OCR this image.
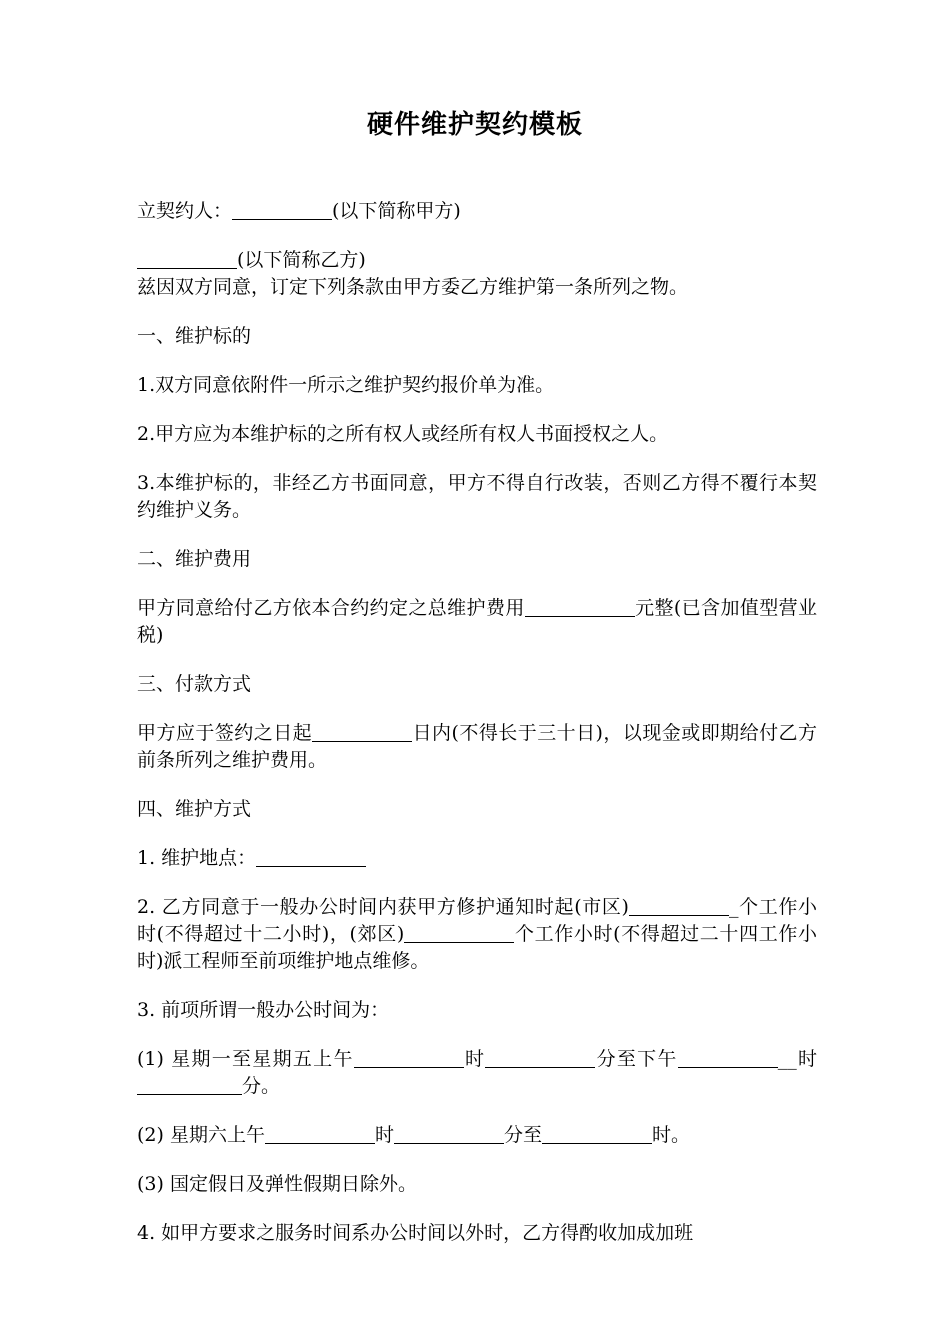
硬件维护契约模板

立契约人：	(以下简称甲方)

(以下简称乙方)

兹因双方同意，订定下列条款由甲方委乙方维护第一条所列之物。

一、维护标的

1.双方同意依附件一所示之维护契约报价单为准。

2.甲方应为本维护标的之所有权人或经所有权人书面授权之人。

3.本维护标的，非经乙方书面同意，甲方不得自行改装，否则乙方得不覆行本契约维护义务。

二、维护费用

甲方同意给付乙方依本合约约定之总维护费用	元整(已含加值型营业税)

三、付款方式

甲方应于签约之日起	日内(不得长于三十日)，以现金或即期给付乙方前条所列之维护费用。

四、维护方式

1. 维护地点：

2. 乙方同意于一般办公时间内获甲方修护通知时起(市区)	_个工作小时(不得超过十二小时)，(郊区)	个工作小时(不得超过二十四工作小时)派工程师至前项维护地点维修。

3. 前项所谓一般办公时间为：

(1) 星期一至星期五上午	时	分至下午	__时分。

(2) 星期六上午	时	分至	时。

(3) 国定假日及弹性假期日除外。

4. 如甲方要求之服务时间系办公时间以外时，乙方得酌收加成加班
